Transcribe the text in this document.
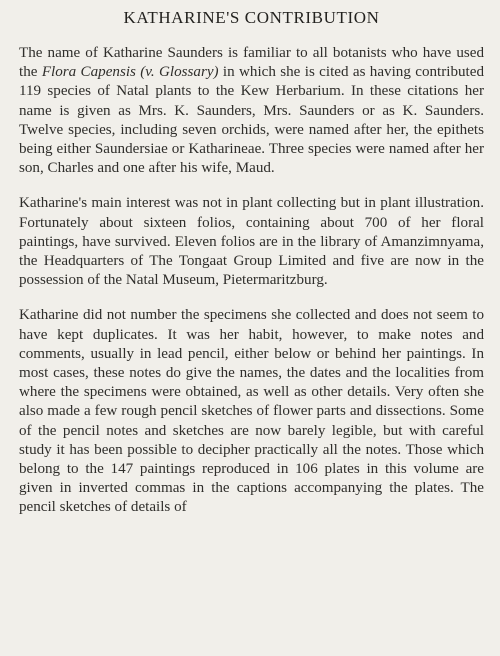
KATHARINE'S CONTRIBUTION

The name of Katharine Saunders is familiar to all botanists who have used the Flora Capensis (v. Glossary) in which she is cited as having contributed 119 species of Natal plants to the Kew Herbarium. In these citations her name is given as Mrs. K. Saunders, Mrs. Saunders or as K. Saunders. Twelve species, including seven orchids, were named after her, the epithets being either Saundersiae or Katharineae. Three species were named after her son, Charles and one after his wife, Maud.

Katharine's main interest was not in plant collecting but in plant illustration. Fortunately about sixteen folios, containing about 700 of her floral paintings, have survived. Eleven folios are in the library of Amanzimnyama, the Headquarters of The Tongaat Group Limited and five are now in the possession of the Natal Museum, Pietermaritzburg.

Katharine did not number the specimens she collected and does not seem to have kept duplicates. It was her habit, however, to make notes and comments, usually in lead pencil, either below or behind her paintings. In most cases, these notes do give the names, the dates and the localities from where the specimens were obtained, as well as other details. Very often she also made a few rough pencil sketches of flower parts and dissections. Some of the pencil notes and sketches are now barely legible, but with careful study it has been possible to decipher practically all the notes. Those which belong to the 147 paintings reproduced in 106 plates in this volume are given in inverted commas in the captions accompanying the plates. The pencil sketches of details of
